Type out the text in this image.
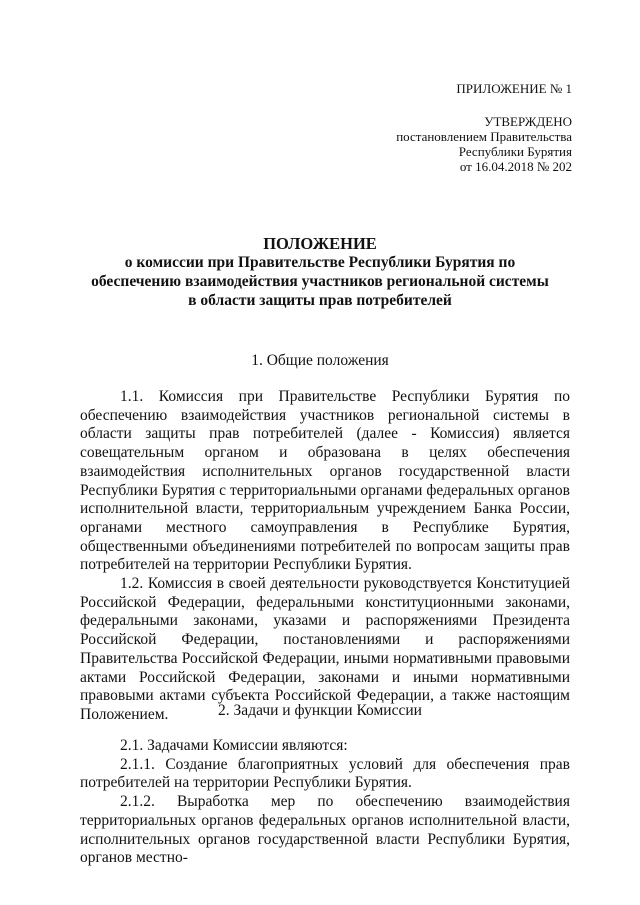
ПРИЛОЖЕНИЕ № 1
УТВЕРЖДЕНО
постановлением Правительства
Республики Бурятия
от 16.04.2018 № 202
ПОЛОЖЕНИЕ
о комиссии при Правительстве Республики Бурятия по
обеспечению взаимодействия участников региональной системы
в области защиты прав потребителей
1. Общие положения

1.1. Комиссия при Правительстве Республики Бурятия по обеспечению взаимодействия участников региональной системы в области защиты прав потребителей (далее - Комиссия) является совещательным органом и образована в целях обеспечения взаимодействия исполнительных органов государственной власти Республики Бурятия с территориальными органами федеральных органов исполнительной власти, территориальным учреждением Банка России, органами местного самоуправления в Республике Бурятия, общественными объединениями потребителей по вопросам защиты прав потребителей на территории Республики Бурятия.

1.2. Комиссия в своей деятельности руководствуется Конституцией Российской Федерации, федеральными конституционными законами, федеральными законами, указами и распоряжениями Президента Российской Федерации, постановлениями и распоряжениями Правительства Российской Федерации, иными нормативными правовыми актами Российской Федерации, законами и иными нормативными правовыми актами субъекта Российской Федерации, а также настоящим Положением.	2. Задачи и функции Комиссии

2.1. Задачами Комиссии являются:

2.1.1. Создание благоприятных условий для обеспечения прав потребителей на территории Республики Бурятия.

2.1.2. Выработка мер по обеспечению взаимодействия территориальных органов федеральных органов исполнительной власти, исполнительных органов государственной власти Республики Бурятия, органов местно-
